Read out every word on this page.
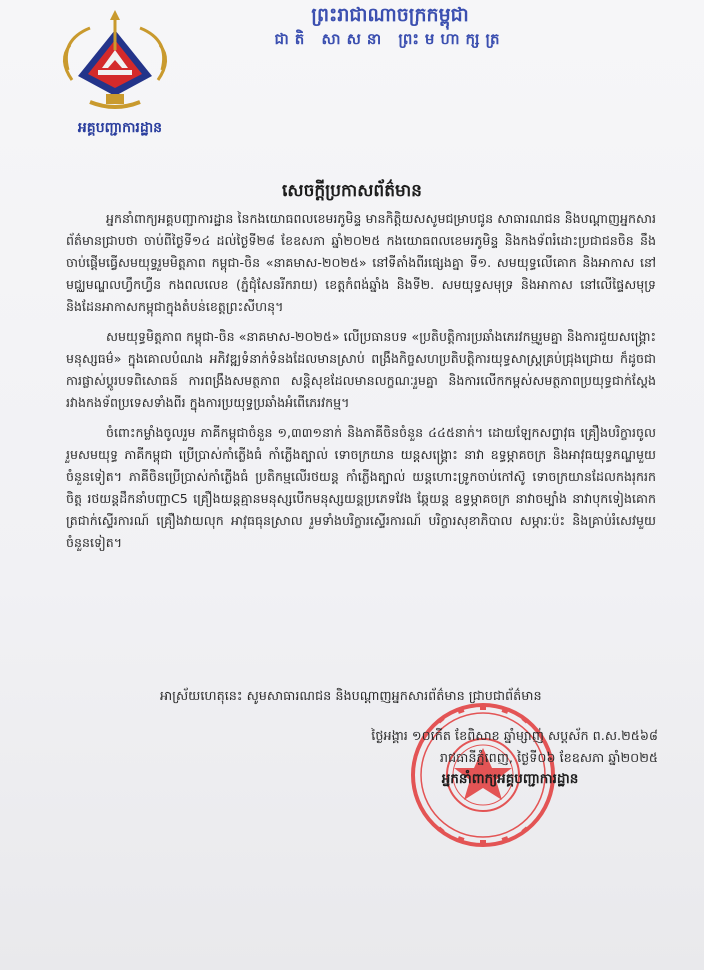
អគ្គបញ្ជាការដ្ឋាន
ព្រះរាជាណាចក្រកម្ពុជា
ជាតិ សាសនា ព្រះមហាក្សត្រ
សេចក្ដីប្រកាសព័ត៌មាន

អ្នកនាំពាក្យអគ្គបញ្ជាការដ្ឋាន នៃកងយោធពលខេមរភូមិន្ទ មានកិត្តិយសសូមជម្រាបជូន សាធារណជន និងបណ្ដាញអ្នកសារព័ត៌មានជ្រាបថា ចាប់ពីថ្ងៃទី១៤ ដល់ថ្ងៃទី២៨ ខែឧសភា ឆ្នាំ២០២៥ កងយោធពលខេមរភូមិន្ទ និងកងទ័ពរំដោះប្រជាជនចិន នឹងចាប់ផ្ដើមធ្វើសមយុទ្ធរួមមិត្តភាព កម្ពុជា-ចិន «នាគមាស-២០២៥» នៅទីតាំងពីរផ្សេងគ្នា ទី១. សមយុទ្ធលើគោក និងអាកាស នៅមជ្ឈមណ្ឌលហ្វឹកហ្វឺន កងពលលេខ (ភ្នំជុំសែនរីករាយ) ខេត្តកំពង់ឆ្នាំង និងទី២. សមយុទ្ធសមុទ្រ និងអាកាស នៅលើផ្ទៃសមុទ្រ និងដែនអាកាសកម្ពុជាក្នុងតំបន់ខេត្តព្រះសីហនុ។

សមយុទ្ធមិត្តភាព កម្ពុជា-ចិន «នាគមាស-២០២៥» លើប្រធានបទ «ប្រតិបត្តិការប្រឆាំងភេរវកម្មរួមគ្នា និងការជួយសង្គ្រោះមនុស្សធម៌» ក្នុងគោលបំណង អភិវឌ្ឍទំនាក់ទំនងដែលមានស្រាប់ ពង្រឹងកិច្ចសហប្រតិបត្តិការយុទ្ធសាស្ត្រគ្រប់ជ្រុងជ្រោយ ក៏ដូចជាការផ្លាស់ប្ដូរបទពិសោធន៍ ការពង្រឹងសមត្ថភាព សន្តិសុខដែលមានលក្ខណៈរួមគ្នា និងការលើកកម្ពស់សមត្ថភាពប្រយុទ្ធជាក់ស្ដែងរវាងកងទ័ពប្រទេសទាំងពីរ ក្នុងការប្រយុទ្ធប្រឆាំងអំពើភេរវកម្ម។

ចំពោះកម្លាំងចូលរួម ភាគីកម្ពុជាចំនួន ១,៣៣១នាក់ និងភាគីចិនចំនួន ៤៤៥នាក់។ ដោយឡែកសព្វាវុធ គ្រឿងបរិក្ខារចូលរួមសមយុទ្ធ ភាគីកម្ពុជា ប្រើប្រាស់កាំភ្លើងធំ កាំភ្លើងត្បាល់ ទោចក្រយាន យន្តសង្គ្រោះ នាវា ឧទ្ធម្ភាគចក្រ និងអាវុធយុទ្ធភណ្ឌមួយចំនួនទៀត។ ភាគីចិនប្រើប្រាស់កាំភ្លើងធំ ប្រតិកម្មលើរថយន្ត កាំភ្លើងត្បាល់ យន្តហោះទ្រូកចាប់កៅស៊ូ ទោចក្រយានដែលកងរុករកចិត្ត រថយន្តដឹកនាំបញ្ជាC5 គ្រឿងយន្តគ្មានមនុស្សបើកមនុស្សយន្តប្រភេទវែង ឆ្កែយន្ត ឧទ្ធម្ភាគចក្រ នាវាចម្បាំង នាវាបុកទៀងគោក ត្រជាក់ស្ទើរការណ៍ គ្រឿងវាយលុក អាវុធធុនស្រាល រួមទាំងបរិក្ខារស្ទើរការណ៍ បរិក្ខារសុខាភិបាល សម្ភារៈប៉ះ និងគ្រាប់រំសេវមួយចំនួនទៀត។

អាស្រ័យហេតុនេះ សូមសាធារណជន និងបណ្ដាញអ្នកសារព័ត៌មាន ជ្រាបជាព័ត៌មាន
ថ្ងៃអង្គារ ១០កើត ខែពិសាខ ឆ្នាំម្សាញ់ សប្តស័ក ព.ស.២៥៦៨
រាជធានីភ្នំពេញ, ថ្ងៃទី០៦ ខែឧសភា ឆ្នាំ២០២៥
អ្នកនាំពាក្យអគ្គបញ្ជាការដ្ឋាន
